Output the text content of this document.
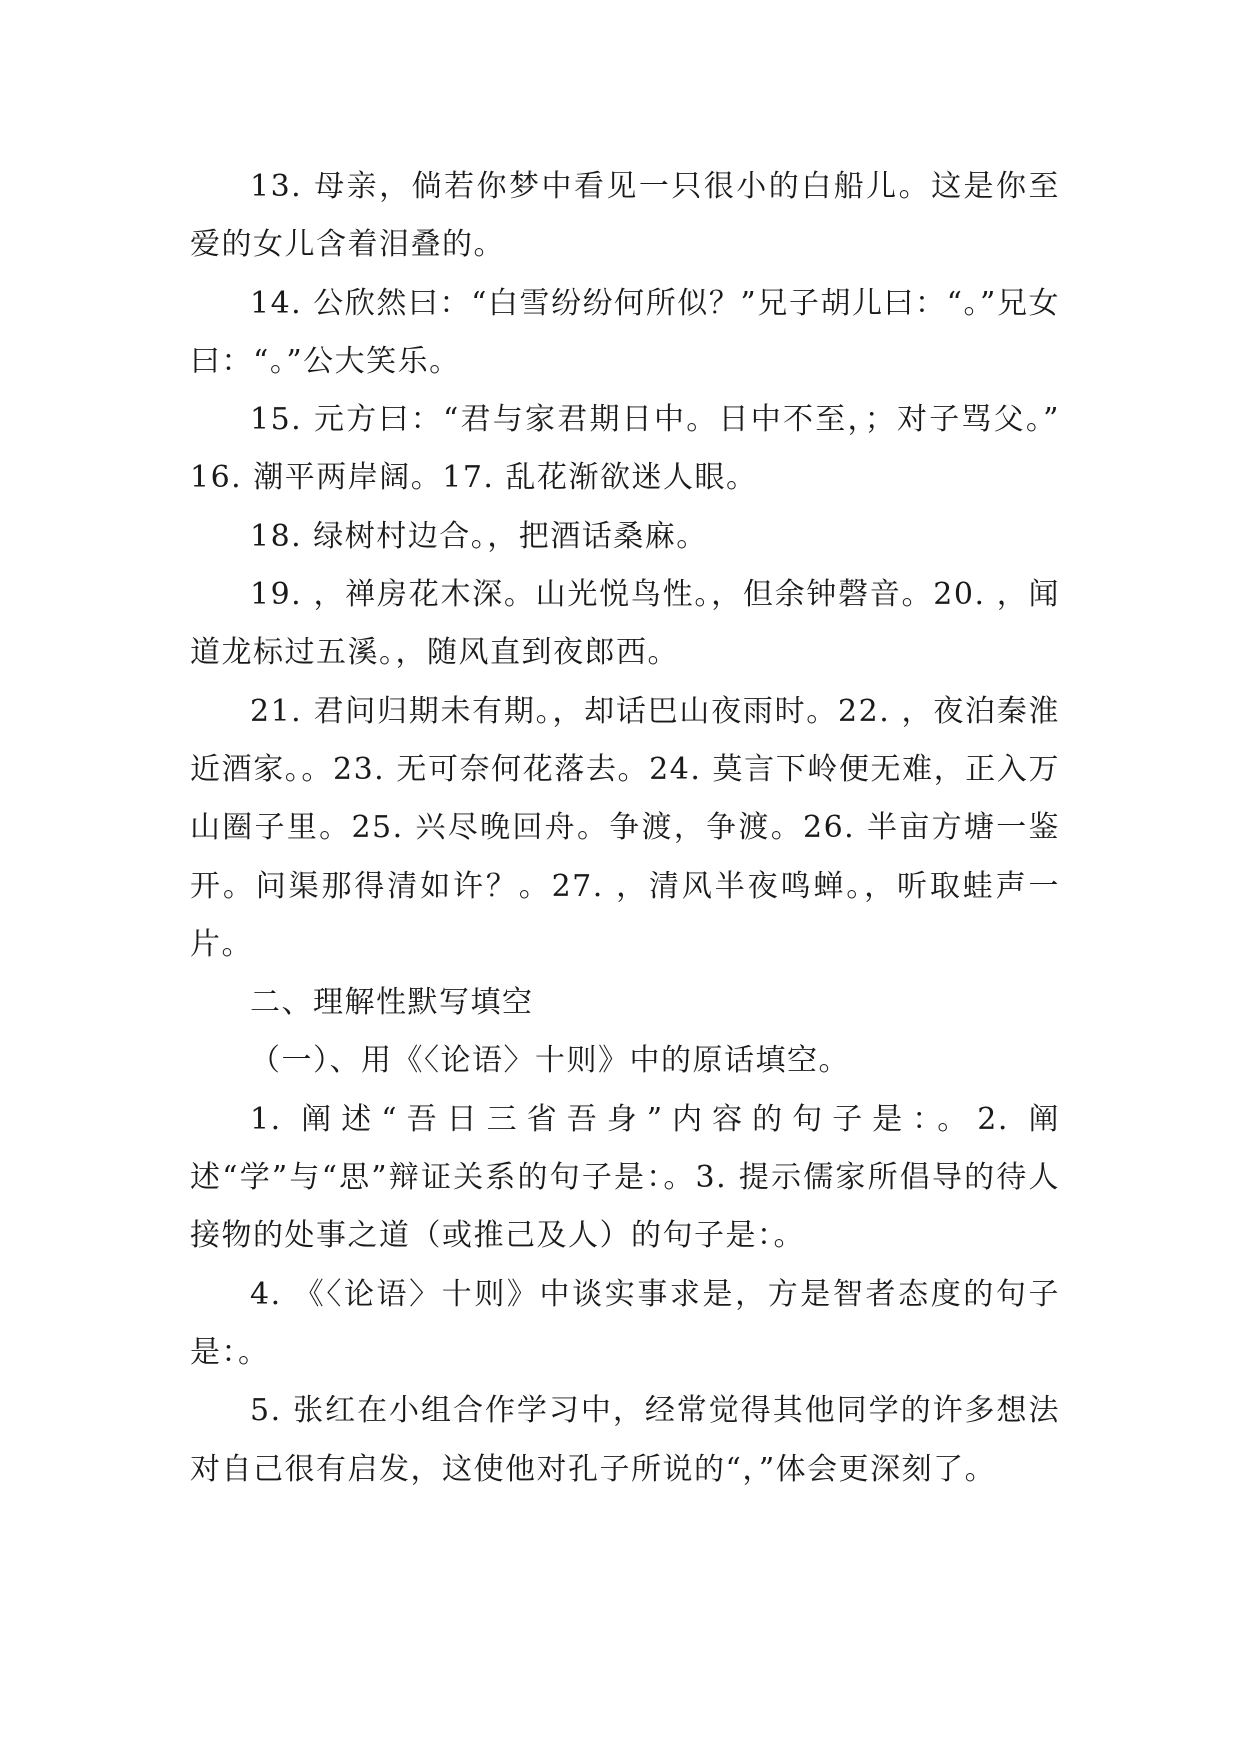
13. 母亲，倘若你梦中看见一只很小的白船儿。这是你至爱的女儿含着泪叠的。

14. 公欣然曰：“白雪纷纷何所似？”兄子胡儿曰：“。”兄女曰：“。”公大笑乐。

15. 元方曰：“君与家君期日中。日中不至，；对子骂父。” 16. 潮平两岸阔。17. 乱花渐欲迷人眼。

18. 绿树村边合。，把酒话桑麻。

19. ，禅房花木深。山光悦鸟性。，但余钟磬音。20. ，闻道龙标过五溪。，随风直到夜郎西。

21. 君问归期未有期。，却话巴山夜雨时。22. ，夜泊秦淮近酒家。。23. 无可奈何花落去。24. 莫言下岭便无难，正入万山圈子里。25. 兴尽晚回舟。争渡，争渡。26. 半亩方塘一鉴开。问渠那得清如许？。27. ，清风半夜鸣蝉。，听取蛙声一片。

二、理解性默写填空

（一）、用《〈论语〉十则》中的原话填空。

1. 阐述“吾日三省吾身”内容的句子是：。2. 阐述“学”与“思”辩证关系的句子是：。3. 提示儒家所倡导的待人接物的处事之道（或推己及人）的句子是：。

4. 《〈论语〉十则》中谈实事求是，方是智者态度的句子是：。

5. 张红在小组合作学习中，经常觉得其他同学的许多想法对自己很有启发，这使他对孔子所说的“，”体会更深刻了。
